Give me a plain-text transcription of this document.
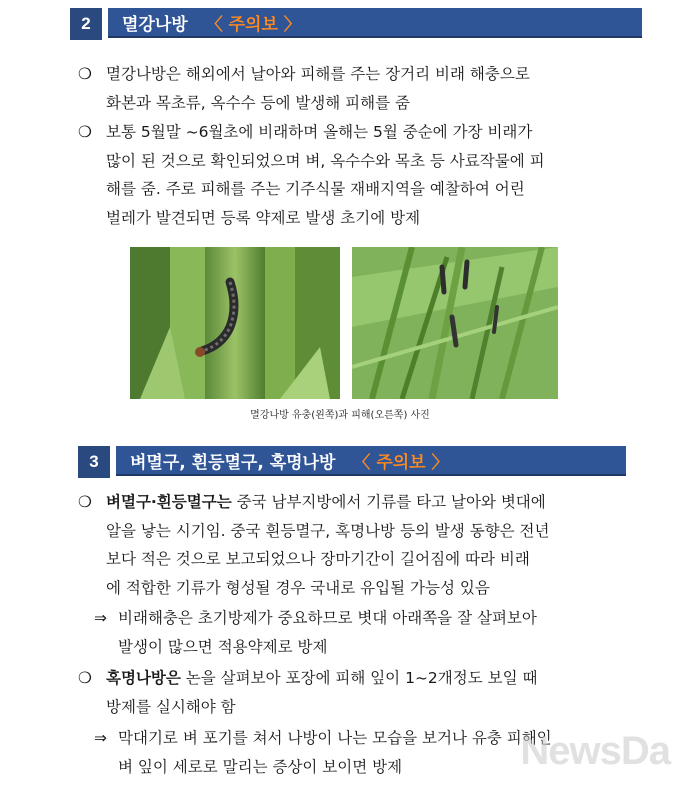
2	멸강나방 〈 주의보 〉
❍ 멸강나방은 해외에서 날아와 피해를 주는 장거리 비래 해충으로
화본과 목초류, 옥수수 등에 발생해 피해를 줌
❍ 보통 5월말 ~6월초에 비래하며 올해는 5월 중순에 가장 비래가
많이 된 것으로 확인되었으며 벼, 옥수수와 목초 등 사료작물에 피
해를 줌. 주로 피해를 주는 기주식물 재배지역을 예찰하여 어린
벌레가 발견되면 등록 약제로 발생 초기에 방제
멸강나방 유충(왼쪽)과 피해(오른쪽) 사진
3	벼멸구, 흰등멸구, 혹명나방 〈 주의보 〉
❍ 벼멸구·흰등멸구는 중국 남부지방에서 기류를 타고 날아와 볏대에
알을 낳는 시기임. 중국 흰등멸구, 혹명나방 등의 발생 동향은 전년
보다 적은 것으로 보고되었으나 장마기간이 길어짐에 따라 비래
에 적합한 기류가 형성될 경우 국내로 유입될 가능성 있음
⇒ 비래해충은 초기방제가 중요하므로 볏대 아래쪽을 잘 살펴보아
발생이 많으면 적용약제로 방제
❍ 혹명나방은 논을 살펴보아 포장에 피해 잎이 1~2개정도 보일 때
방제를 실시해야 함
⇒ 막대기로 벼 포기를 쳐서 나방이 나는 모습을 보거나 유충 피해인
벼 잎이 세로로 말리는 증상이 보이면 방제	NewsDa
